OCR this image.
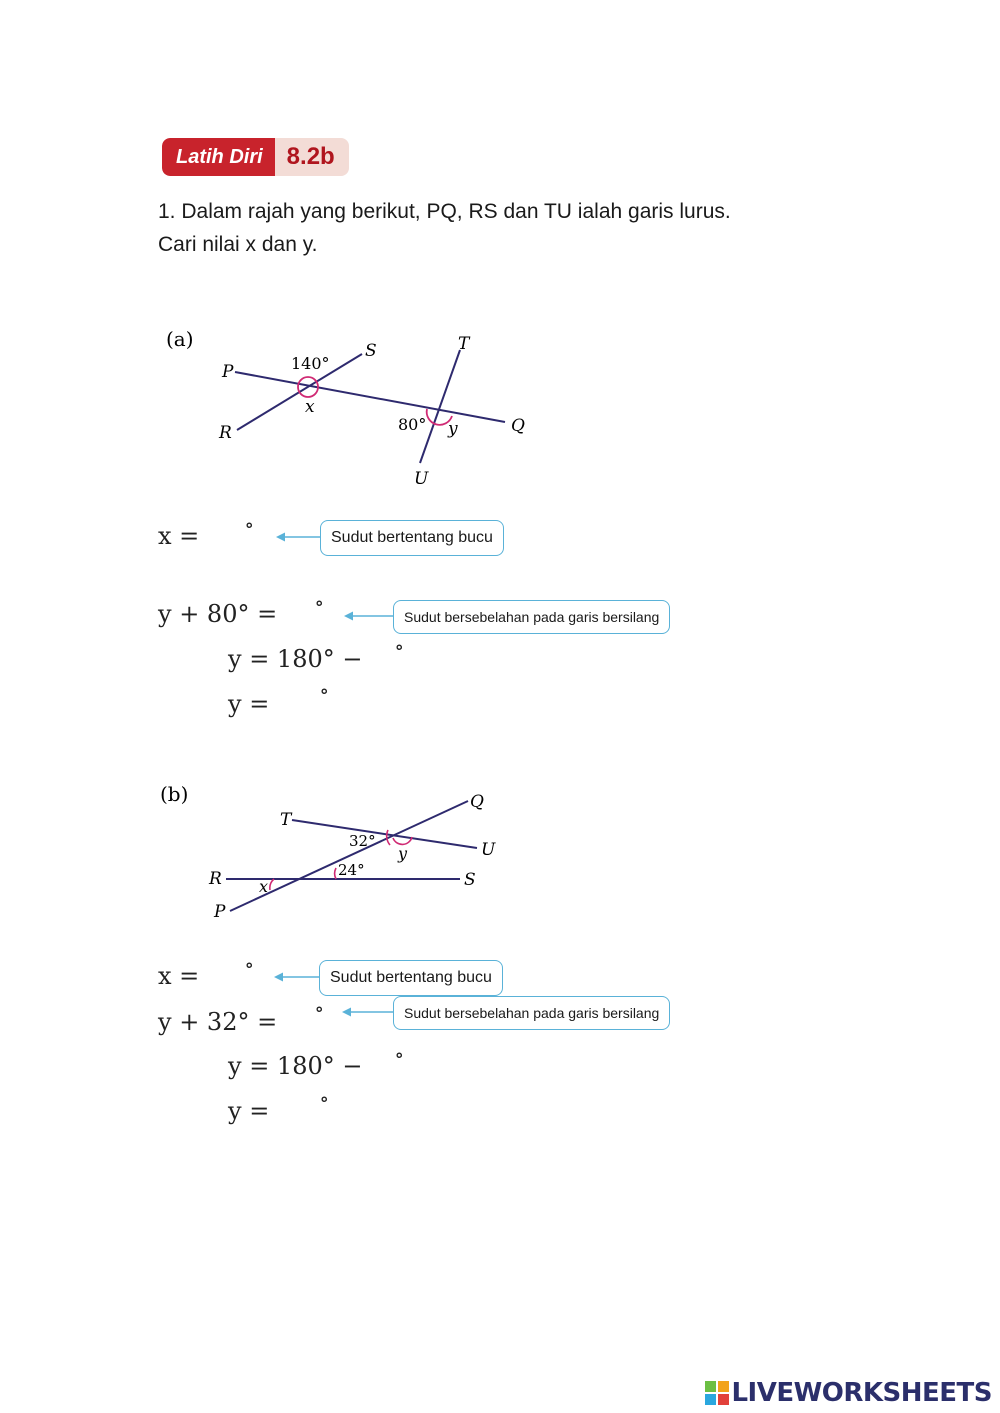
Latih Diri	8.2b
1. Dalam rajah yang berikut, PQ, RS dan TU ialah garis lurus.
Cari nilai x dan y.
(a)
140°
x
80° y
P
Q
R
S	T
U
x =	°	Sudut bertentang bucu
y + 80° = °	Sudut bersebelahan pada garis bersilang
y = 180° − °
y =	°
(b)
32°
y
24°
x
T
Q
U
R	S
P
x =	°	Sudut bertentang bucu
y + 32° = °	Sudut bersebelahan pada garis bersilang
y = 180° − °
y =	°
LIVEWORKSHEETS
